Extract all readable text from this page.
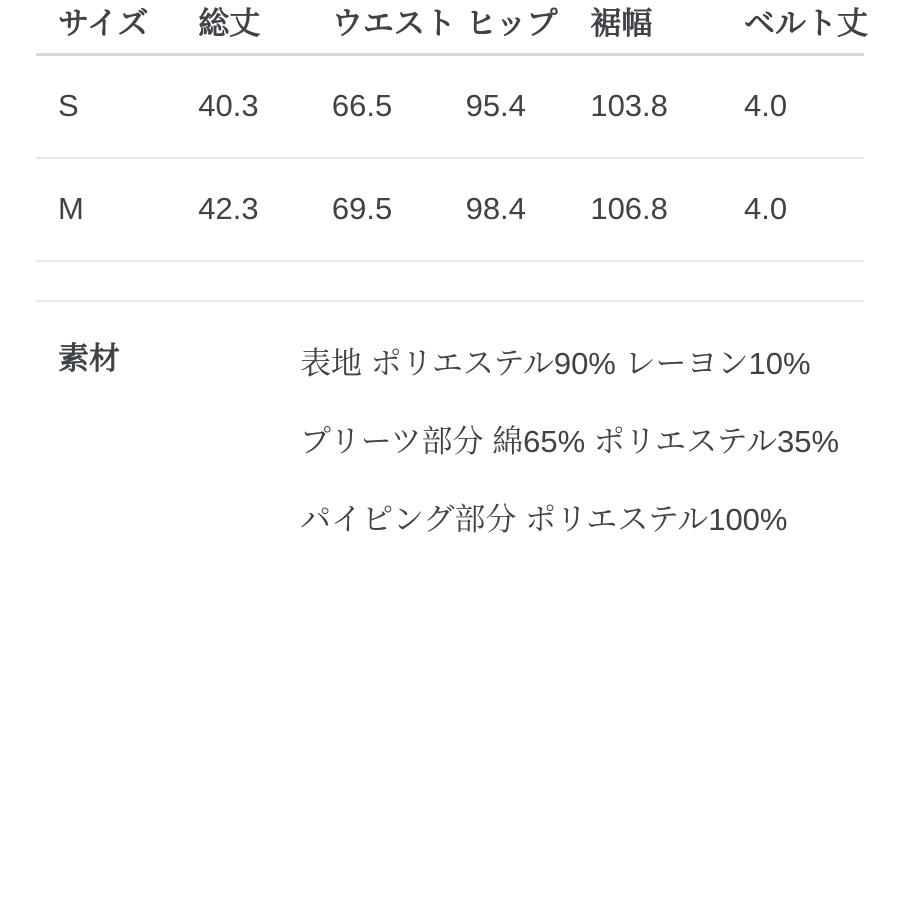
サイズ	総丈	ウエスト	ヒップ	裾幅	ベルト丈

S	40.3	66.5	95.4	103.8	4.0

M	42.3	69.5	98.4	106.8	4.0

素材	表地 ポリエステル90% レーヨン10%
プリーツ部分 綿65% ポリエステル35%
パイピング部分 ポリエステル100%
